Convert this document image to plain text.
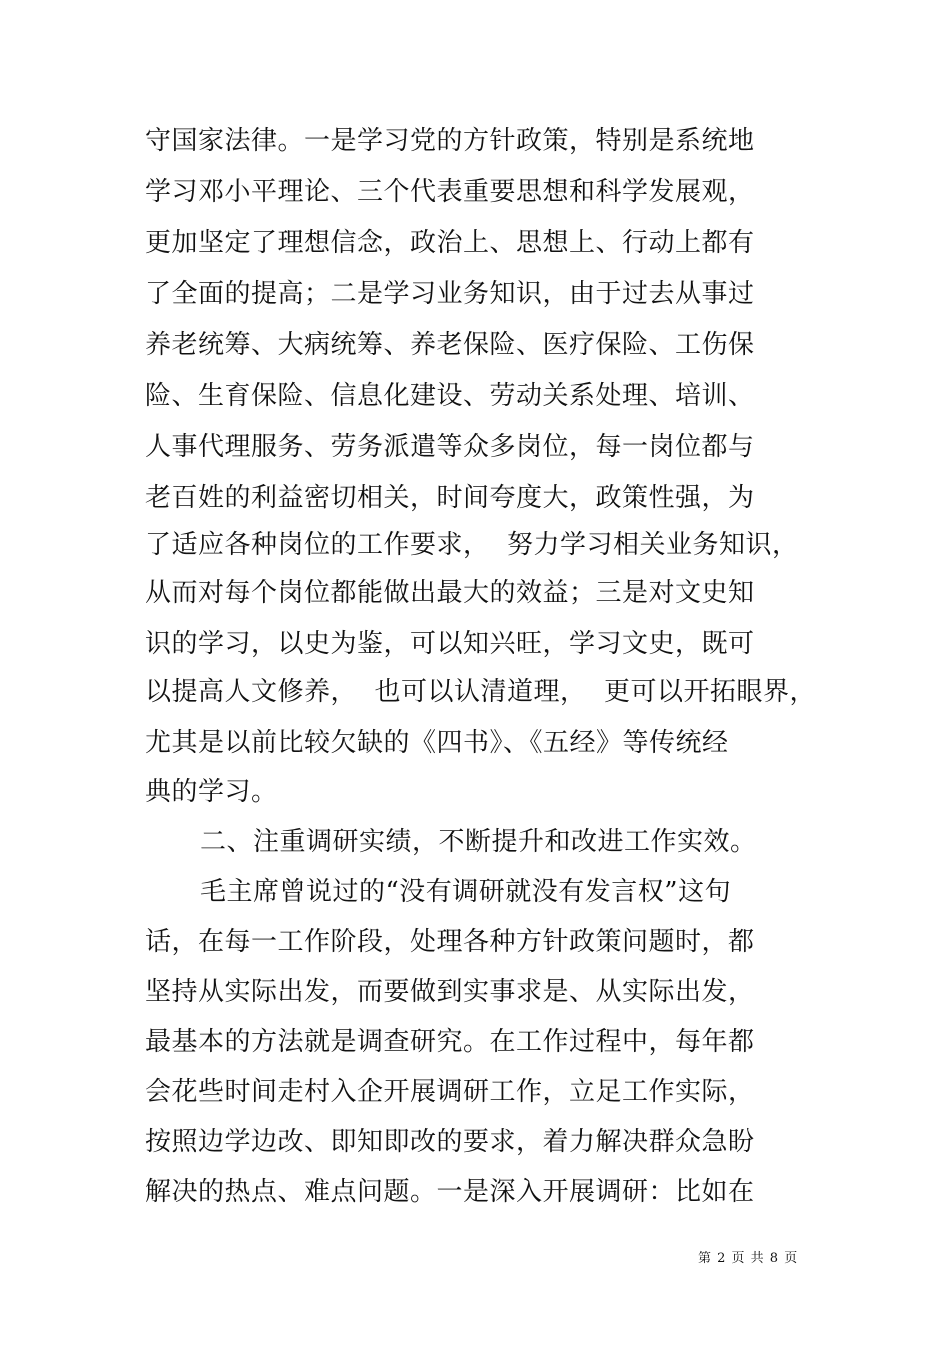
守国家法律。一是学习党的方针政策，特别是系统地
学习邓小平理论、三个代表重要思想和科学发展观，
更加坚定了理想信念，政治上、思想上、行动上都有
了全面的提高；二是学习业务知识，由于过去从事过
养老统筹、大病统筹、养老保险、医疗保险、工伤保
险、生育保险、信息化建设、劳动关系处理、培训、
人事代理服务、劳务派遣等众多岗位，每一岗位都与
老百姓的利益密切相关，时间夸度大，政策性强，为
了适应各种岗位的工作要求，  努力学习相关业务知识，
从而对每个岗位都能做出最大的效益；三是对文史知
识的学习，以史为鉴，可以知兴旺，学习文史，既可
以提高人文修养，  也可以认清道理，  更可以开拓眼界，
尤其是以前比较欠缺的《四书》、《五经》等传统经
典的学习。
二、注重调研实绩，不断提升和改进工作实效。
毛主席曾说过的“没有调研就没有发言权”这句
话，在每一工作阶段，处理各种方针政策问题时，都
坚持从实际出发，而要做到实事求是、从实际出发，
最基本的方法就是调查研究。在工作过程中，每年都
会花些时间走村入企开展调研工作，立足工作实际，
按照边学边改、即知即改的要求，着力解决群众急盼
解决的热点、难点问题。一是深入开展调研：比如在
第 2 页 共 8 页
